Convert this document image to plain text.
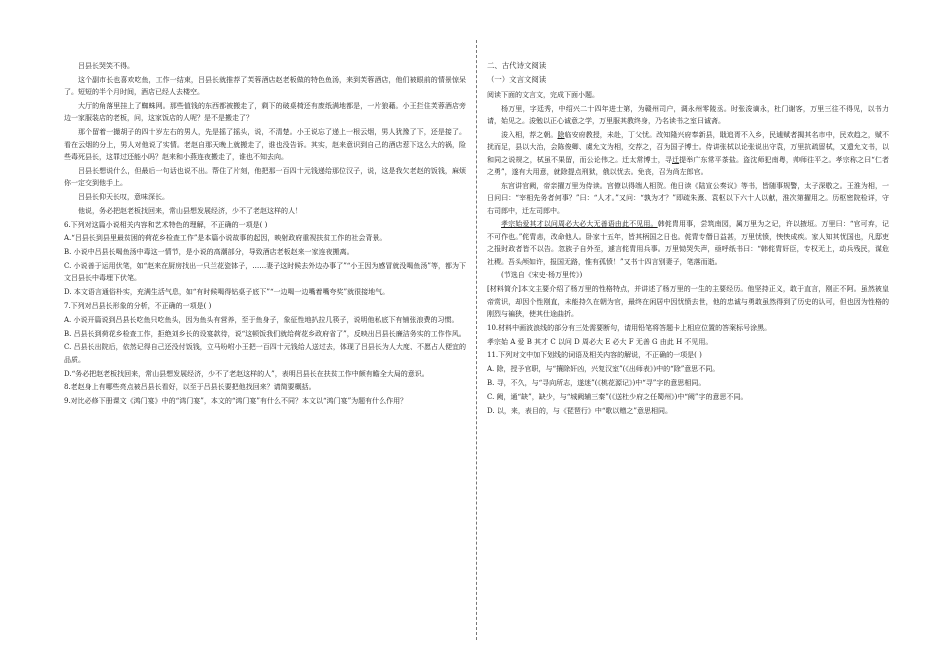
吕县长哭笑不得。

这个副市长也喜欢吃鱼，工作一结束，吕县长就推荐了芙蓉酒店赵老板做的特色鱼汤，来到芙蓉酒店，他们被眼前的情景惊呆了。短短的半个月时间，酒店已经人去楼空。

大厅的角落里挂上了蜘蛛网。那些值钱的东西都被搬走了，剩下的破桌椅还有废纸满地都是，一片狼藉。小王拦住芙蓉酒店旁边一家服装店的老板，问，这家饭店的人呢？是不是搬走了？

那个留着一撮胡子的四十岁左右的男人，先是摇了摇头，说，不清楚。小王说忘了递上一根云烟，男人犹豫了下，还是接了。看在云烟的分上，男人对他说了实情。老赵自那天晚上就搬走了，谁也没告诉。其实，赵来意识到自己的酒店惹下这么大的祸，险些毒死县长，这罪过还能小吗？赵来和小燕连夜搬走了，谁也不知去向。

吕县长想说什么，但最后一句话也说不出。帮住了片刻，他把那一百四十元钱递给那位汉子，说，这是我欠老赵的饭钱，麻烦你一定交到他手上。

吕县长仰天长叹，意味深长。

他说，务必把赵老板找回来，常山县想发展经济，少不了老赵这样的人！

6.下列对这篇小说相关内容和艺术特色的理解，不正确的一项是( )

A.“吕县长到县里最贫困的荷花乡检查工作”是本篇小说故事的起因，映射政府重视扶贫工作的社会背景。

B. 小说中吕县长喝鱼汤中毒这一情节，是小说的高潮部分，导致酒店老板赵来一家连夜搬离。

C. 小说善于运用伏笔，如“赵来在厨房找出一只兰花瓷钵子，……妻子这时候去外边办事了”“小王因为感冒就没喝鱼汤”等，都为下文吕县长中毒埋下伏笔。

D. 本文语言通俗朴实，充满生活气息，如“有时候喝得钻桌子底下”“一边喝一边嘴着嘴夸奖”就很接地气。

7.下列对吕县长形象的分析，不正确的一项是( )

A. 小说开篇说到吕县长吃鱼只吃鱼头，因为鱼头有营养，至于鱼身子，象征性地扒拉几筷子，说明他私底下有铺张浪费的习惯。

B. 吕县长到荷花乡检查工作，拒绝刘乡长的设宴款待，说“这顿饭我们就给荷花乡政府省了”，反映出吕县长廉洁务实的工作作风。

C. 吕县长出院后，依然记得自己还没付饭钱，立马吩咐小王把一百四十元钱给人送过去，体现了吕县长为人大度、不愿占人便宜的品质。

D.“务必把赵老板找回来，常山县想发展经济，少不了老赵这样的人”，表明吕县长在扶贫工作中颇有瞻全大局的意识。

8.老赵身上有哪些亮点被吕县长看好，以至于吕县长要把他找回来？请简要概括。

9.对比必修下册课文《鸿门宴》中的“鸿门宴”，本文的“鸿门宴”有什么不同？本文以“鸿门宴”为题有什么作用？

二、古代诗文阅读

（一）文言文阅读

阅读下面的文言文，完成下面小题。

杨万里，字廷秀，中绍兴二十四年进士第，为赣州司户，调永州零陵丞。时张浚谪永，杜门谢客，万里三往不得见，以书力请，始见之。浚勉以正心诚意之学，万里服其教终身，乃名读书之室曰诚斋。

浚入相，荐之朝。除临安府教授，未赴，丁父忧。改知隆兴府奉新县，戢追胥不入乡，民逋赋者揭其名市中，民欢趋之，赋不扰而足，县以大治，会陈俊卿、虞允文为相，交荐之，召为国子博士。侍讲张栻以论张说出守袁，万里抗疏留栻，又遗允文书，以和同之说规之，栻虽不果留，而公论伟之。迁太常博士，寻迁提举广东常平茶盐。盗沈师犯南粤，帅师往平之。孝宗称之曰“仁者之勇”，遂有大用意，就除提点刑狱，俄以忧去。免丧，召为尚左郎官。

东宫讲官阙，帝亲擢万里为侍读。宫僚以得端人相贺。他日读《陆宣公奏议》等书，皆随事规警，太子深敬之。王淮为相，一日问曰：“宰相先务者何事？”曰：“人才。”又问：“孰为才？”即疏朱熹、袁枢以下六十人以献，淮次第擢用之。历枢密院检详，守右司郎中，迁左司郎中。

孝宗始爱其才以问周必大必大无善语由此不见用。韩侂胄用事，尝筑南园，属万里为之记，许以掖垣。万里曰：“官可弃，记不可作也。”侂胄恚，改命他人。卧家十五年，皆其柄国之日也。侂胄专僭日益甚，万里忧愤，怏怏成疾。家人知其忧国也，凡邸吏之报时政者皆不以告。忽族子自外至，遽言侂胄用兵事。万里恸哭失声，亟呼纸书曰：“韩侂胄奸臣，专权无上，动兵残民，谋危社稷。吾头颅如许，报国无路，惟有孤愤！”又书十四言别妻子，笔落而逝。

(节选自《宋史·杨万里传》)

[材料简介]本文主要介绍了杨万里的性格特点，并讲述了杨万里的一生的主要经历。他坚持正义，敢于直言，刚正不阿。虽然被皇帝赏识，却因个性刚直，未能持久在朝为官，最终在闲居中因忧愤去世，他的忠诚与勇敢虽然得到了历史的认可，但也因为性格的刚烈与褊狭，使其仕途曲折。

10.材料中画波浪线的部分有三处需要断句，请用铅笔将答题卡上相应位置的答案标号涂黑。

孝宗始 A 爱 B 其才 C 以问 D 周必大 E 必大 F 无善 G 由此 H 不见用。

11.下列对文中加下划线的词语及相关内容的解说，不正确的一项是( )

A. 除，授予官职，与“攘除奸凶，兴复汉室”(《出师表》)中的“除”意思不同。

B. 寻，不久，与“寻向所志，遂迷”(《桃花源记》)中“寻”字的意思相同。

C. 阙，通“缺”，缺少，与“城阙辅三秦”(《送杜少府之任蜀州》)中“阙”字的意思不同。

D. 以，来，表目的，与《琵琶行》中“歌以赠之”意思相同。
